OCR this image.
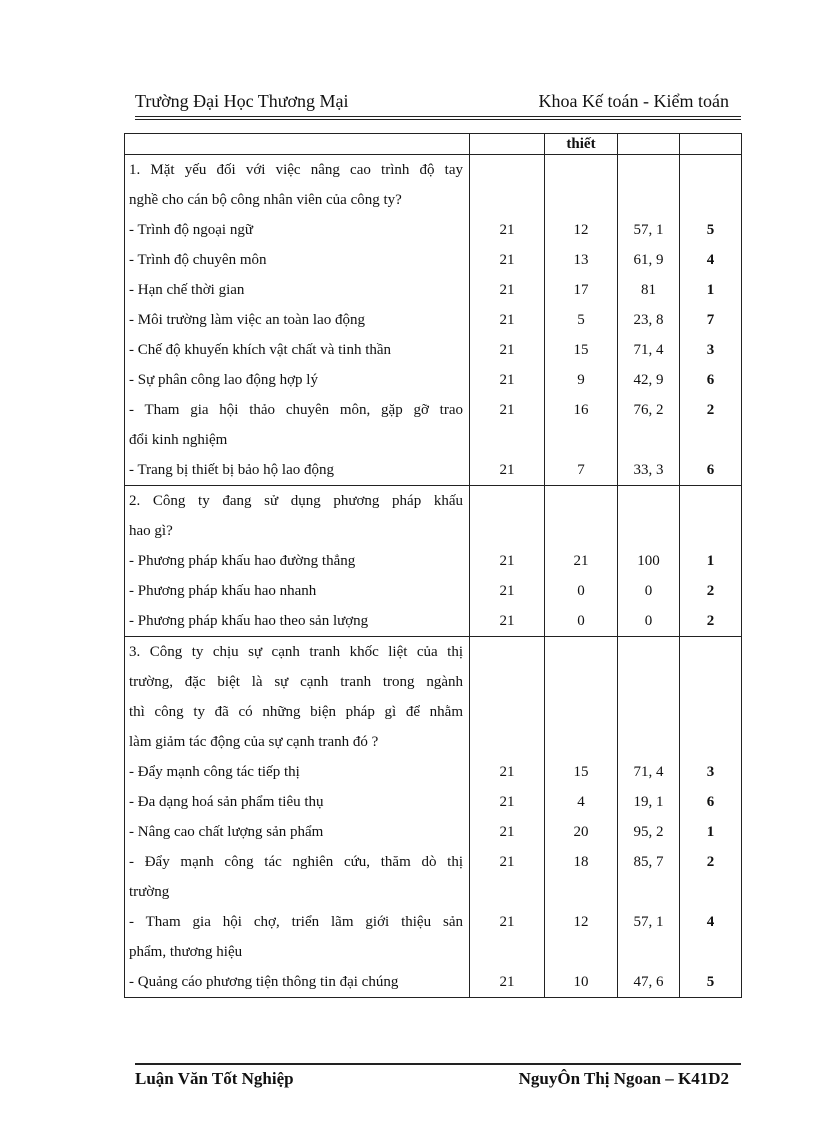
Trường Đại Học Thương Mại	Khoa Kế toán - Kiểm toán
		thiết		
1. Mặt yếu đối với việc nâng cao trình độ tay				
nghề cho cán bộ công nhân viên của công ty?				
- Trình độ ngoại ngữ	21	12	57, 1	5
- Trình độ chuyên môn	21	13	61, 9	4
- Hạn chế thời gian	21	17	81	1
- Môi trường làm việc an toàn lao động	21	5	23, 8	7
- Chế độ khuyến khích vật chất và tinh thần	21	15	71, 4	3
- Sự phân công lao động hợp lý	21	9	42, 9	6
- Tham gia hội thảo chuyên môn, gặp gỡ trao	21	16	76, 2	2
đổi kinh nghiệm				
- Trang bị thiết bị bảo hộ lao động	21	7	33, 3	6
2. Công ty đang sử dụng phương pháp khấu				
hao gì?				
- Phương pháp khấu hao đường thẳng	21	21	100	1
- Phương pháp khấu hao nhanh	21	0	0	2
- Phương pháp khấu hao theo sản lượng	21	0	0	2
3. Công ty chịu sự cạnh tranh khốc liệt của thị				
trường, đặc biệt là sự cạnh tranh trong ngành				
thì công ty đã có những biện pháp gì để nhằm				
làm giảm tác động của sự cạnh tranh đó ?				
- Đẩy mạnh công tác tiếp thị	21	15	71, 4	3
- Đa dạng hoá sản phẩm tiêu thụ	21	4	19, 1	6
- Nâng cao chất lượng sản phẩm	21	20	95, 2	1
- Đẩy mạnh công tác nghiên cứu, thăm dò thị	21	18	85, 7	2
trường				
- Tham gia hội chợ, triển lãm giới thiệu sản	21	12	57, 1	4
phẩm, thương hiệu				
- Quảng cáo phương tiện thông tin đại chúng	21	10	47, 6	5
Luận Văn Tốt Nghiệp	NguyÔn Thị Ngoan – K41D2
